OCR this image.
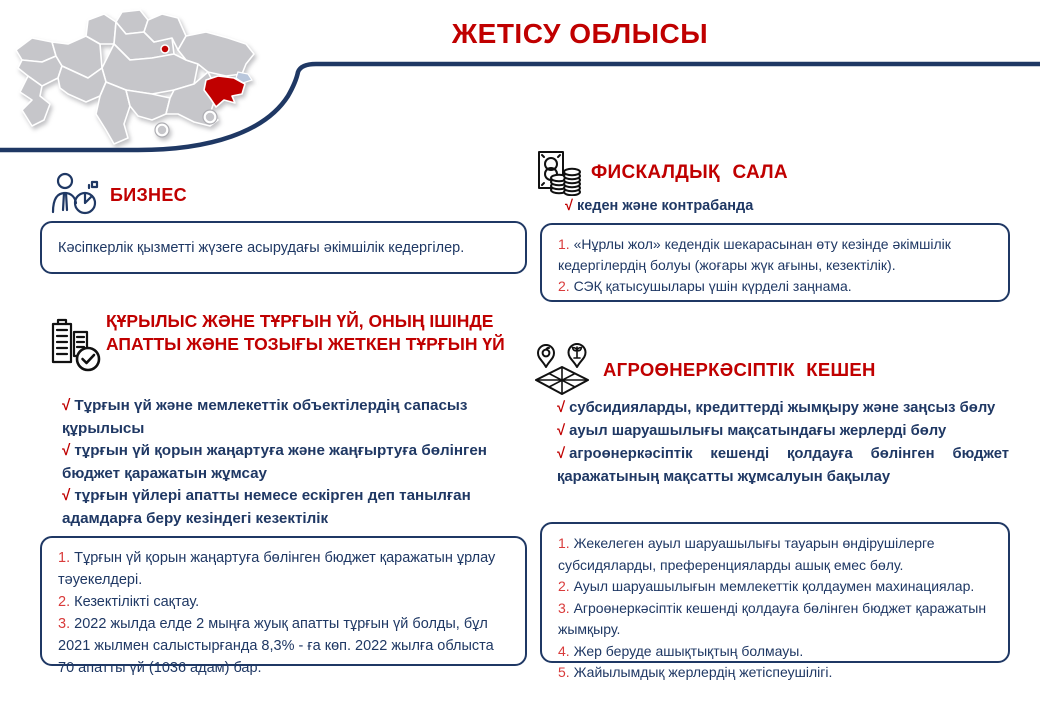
ЖЕТІСУ ОБЛЫСЫ
БИЗНЕС
Кәсіпкерлік қызметті жүзеге асырудағы әкімшілік кедергілер.
ҚҰРЫЛЫС ЖӘНЕ ТҰРҒЫН ҮЙ, ОНЫҢ ІШІНДЕ АПАТТЫ ЖӘНЕ ТОЗЫҒЫ ЖЕТКЕН ТҰРҒЫН ҮЙ
√ Тұрғын үй және мемлекеттік объектілердің сапасыз құрылысы
√ тұрғын үй қорын жаңартуға және жаңғыртуға бөлінген бюджет қаражатын жұмсау
√ тұрғын үйлері апатты немесе ескірген деп танылған адамдарға беру кезіндегі кезектілік
1. Тұрғын үй қорын жаңартуға бөлінген бюджет қаражатын ұрлау тәуекелдері.
2. Кезектілікті сақтау.
3. 2022 жылда елде 2 мыңға жуық апатты тұрғын үй болды, бұл 2021 жылмен салыстырғанда 8,3% - ға көп. 2022 жылға облыста 70 апатты үй (1036 адам) бар.
ФИСКАЛДЫҚ САЛА
√ кеден және контрабанда
1. «Нұрлы жол» кедендік шекарасынан өту кезінде әкімшілік кедергілердің болуы (жоғары жүк ағыны, кезектілік).
2. СЭҚ қатысушылары үшін күрделі заңнама.
АГРОӨНЕРКӘСІПТІК КЕШЕН
√ субсидияларды, кредиттерді жымқыру және заңсыз бөлу
√ ауыл шаруашылығы мақсатындағы жерлерді бөлу
√ агроөнеркәсіптік кешенді қолдауға бөлінген бюджет қаражатының мақсатты жұмсалуын бақылау
1. Жекелеген ауыл шаруашылығы тауарын өндірушілерге субсидяларды, преференцияларды ашық емес бөлу.
2. Ауыл шаруашылығын мемлекеттік қолдаумен махинациялар.
3. Агроөнеркәсіптік кешенді қолдауға бөлінген бюджет қаражатын жымқыру.
4. Жер беруде ашықтықтың болмауы.
5. Жайылымдық жерлердің жетіспеушілігі.
